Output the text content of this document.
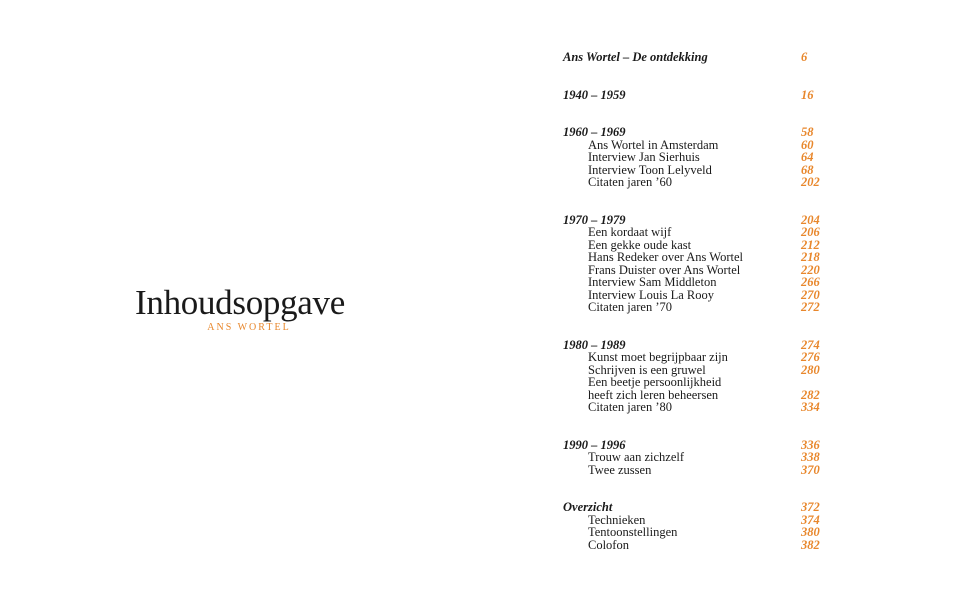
Inhoudsopgave
ANS WORTEL
Ans Wortel – De ontdekking	6
1940 – 1959	16
1960 – 1969	58
Ans Wortel in Amsterdam	60
Interview Jan Sierhuis	64
Interview Toon Lelyveld	68
Citaten jaren ’60	202
1970 – 1979	204
Een kordaat wijf	206
Een gekke oude kast	212
Hans Redeker over Ans Wortel	218
Frans Duister over Ans Wortel	220
Interview Sam Middleton	266
Interview Louis La Rooy	270
Citaten jaren ’70	272
1980 – 1989	274
Kunst moet begrijpbaar zijn	276
Schrijven is een gruwel	280
Een beetje persoonlijkheid
heeft zich leren beheersen	282
Citaten jaren ’80	334
1990 – 1996	336
Trouw aan zichzelf	338
Twee zussen	370
Overzicht	372
Technieken	374
Tentoonstellingen	380
Colofon	382
